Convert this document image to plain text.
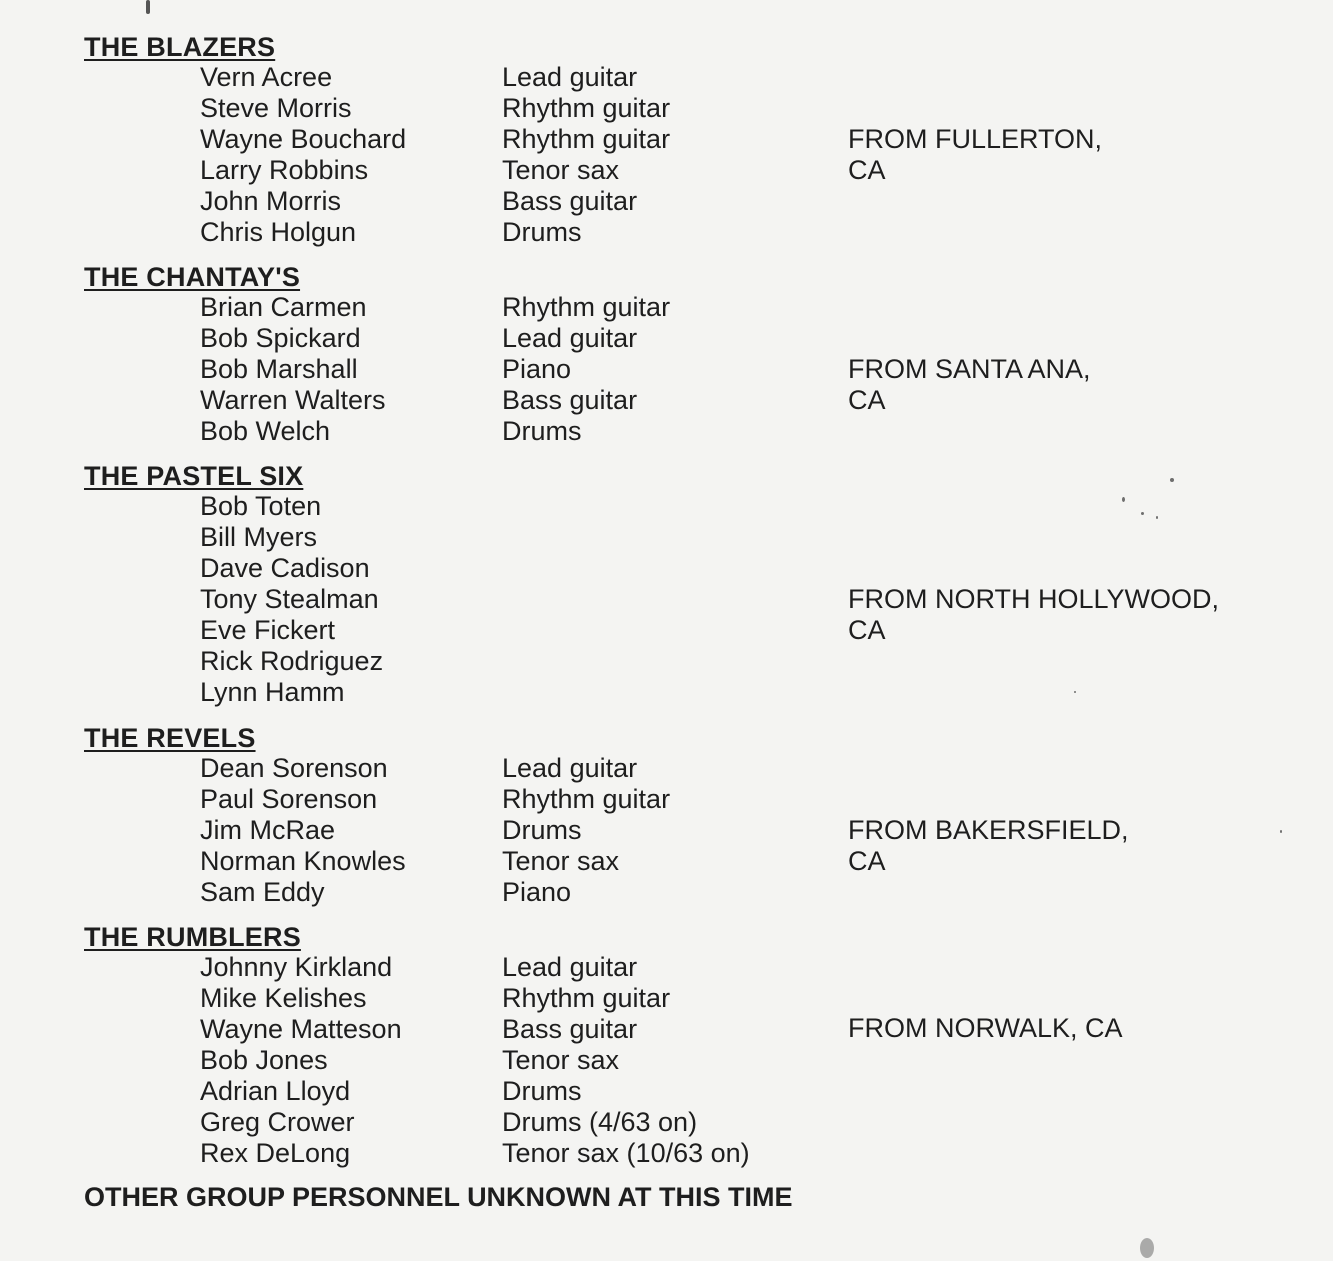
THE BLAZERS
Vern Acree	Lead guitar
Steve Morris	Rhythm guitar
Wayne Bouchard	Rhythm guitar
Larry Robbins	Tenor sax
John Morris	Bass guitar
Chris Holgun	Drums
FROM FULLERTON,
CA
THE CHANTAY'S
Brian Carmen	Rhythm guitar
Bob Spickard	Lead guitar
Bob Marshall	Piano
Warren Walters	Bass guitar
Bob Welch	Drums
FROM SANTA ANA,
CA
THE PASTEL SIX
Bob Toten
Bill Myers
Dave Cadison
Tony Stealman
Eve Fickert
Rick Rodriguez
Lynn Hamm
FROM NORTH HOLLYWOOD,
CA
THE REVELS
Dean Sorenson	Lead guitar
Paul Sorenson	Rhythm guitar
Jim McRae	Drums
Norman Knowles	Tenor sax
Sam Eddy	Piano
FROM BAKERSFIELD,
CA
THE RUMBLERS
Johnny Kirkland	Lead guitar
Mike Kelishes	Rhythm guitar
Wayne Matteson	Bass guitar
Bob Jones	Tenor sax
Adrian Lloyd	Drums
Greg Crower	Drums (4/63 on)
Rex DeLong	Tenor sax (10/63 on)
FROM NORWALK, CA
OTHER GROUP PERSONNEL UNKNOWN AT THIS TIME
